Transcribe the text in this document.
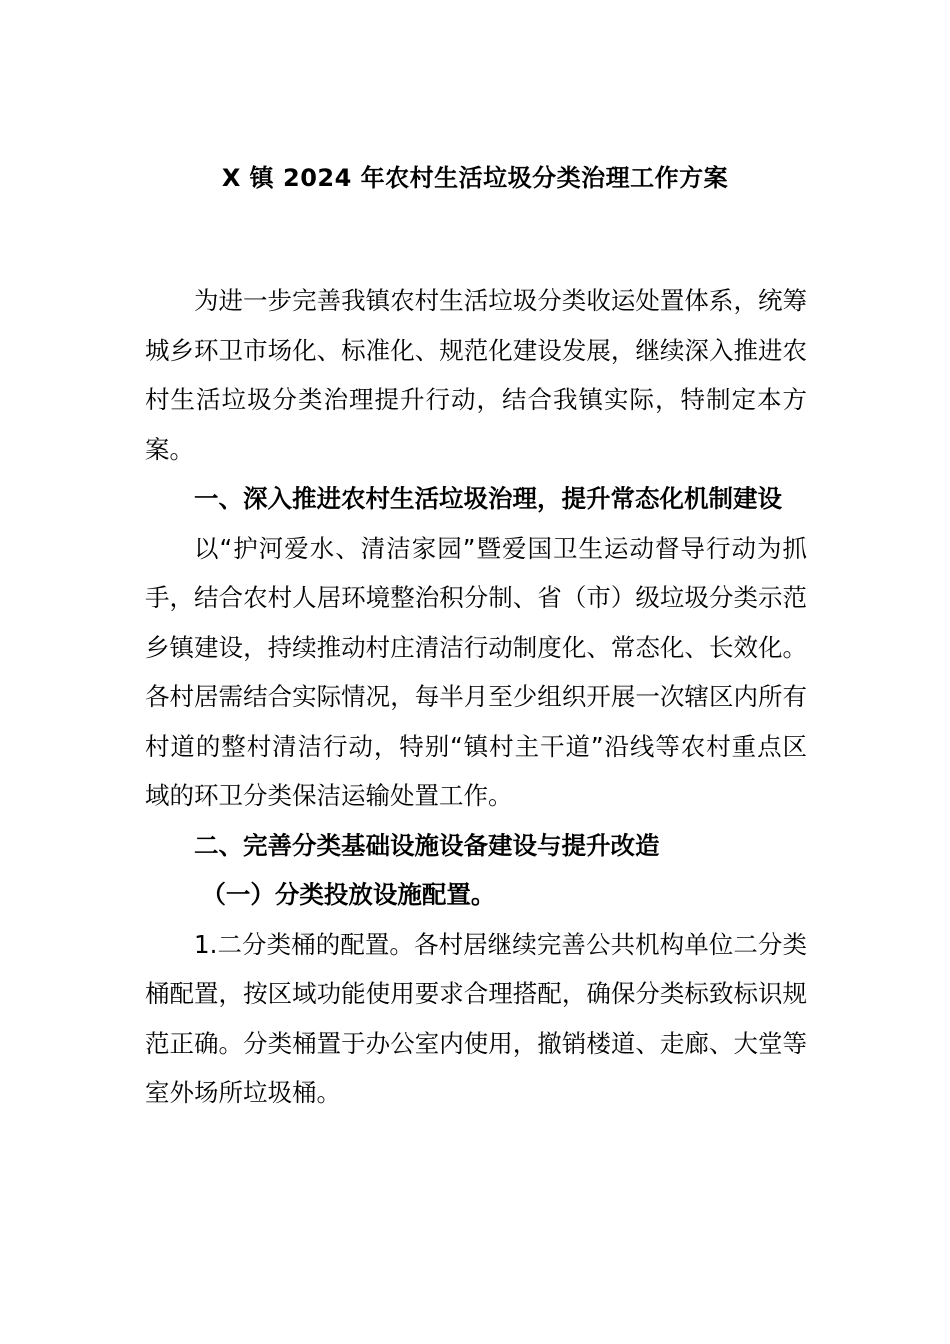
X 镇 2024 年农村生活垃圾分类治理工作方案

为进一步完善我镇农村生活垃圾分类收运处置体系，统筹城乡环卫市场化、标准化、规范化建设发展，继续深入推进农村生活垃圾分类治理提升行动，结合我镇实际，特制定本方案。

一、深入推进农村生活垃圾治理，提升常态化机制建设

以“护河爱水、清洁家园”暨爱国卫生运动督导行动为抓手，结合农村人居环境整治积分制、省（市）级垃圾分类示范乡镇建设，持续推动村庄清洁行动制度化、常态化、长效化。各村居需结合实际情况，每半月至少组织开展一次辖区内所有村道的整村清洁行动，特别“镇村主干道”沿线等农村重点区域的环卫分类保洁运输处置工作。

二、完善分类基础设施设备建设与提升改造

（一）分类投放设施配置。

1.二分类桶的配置。各村居继续完善公共机构单位二分类桶配置，按区域功能使用要求合理搭配，确保分类标致标识规范正确。分类桶置于办公室内使用，撤销楼道、走廊、大堂等室外场所垃圾桶。
